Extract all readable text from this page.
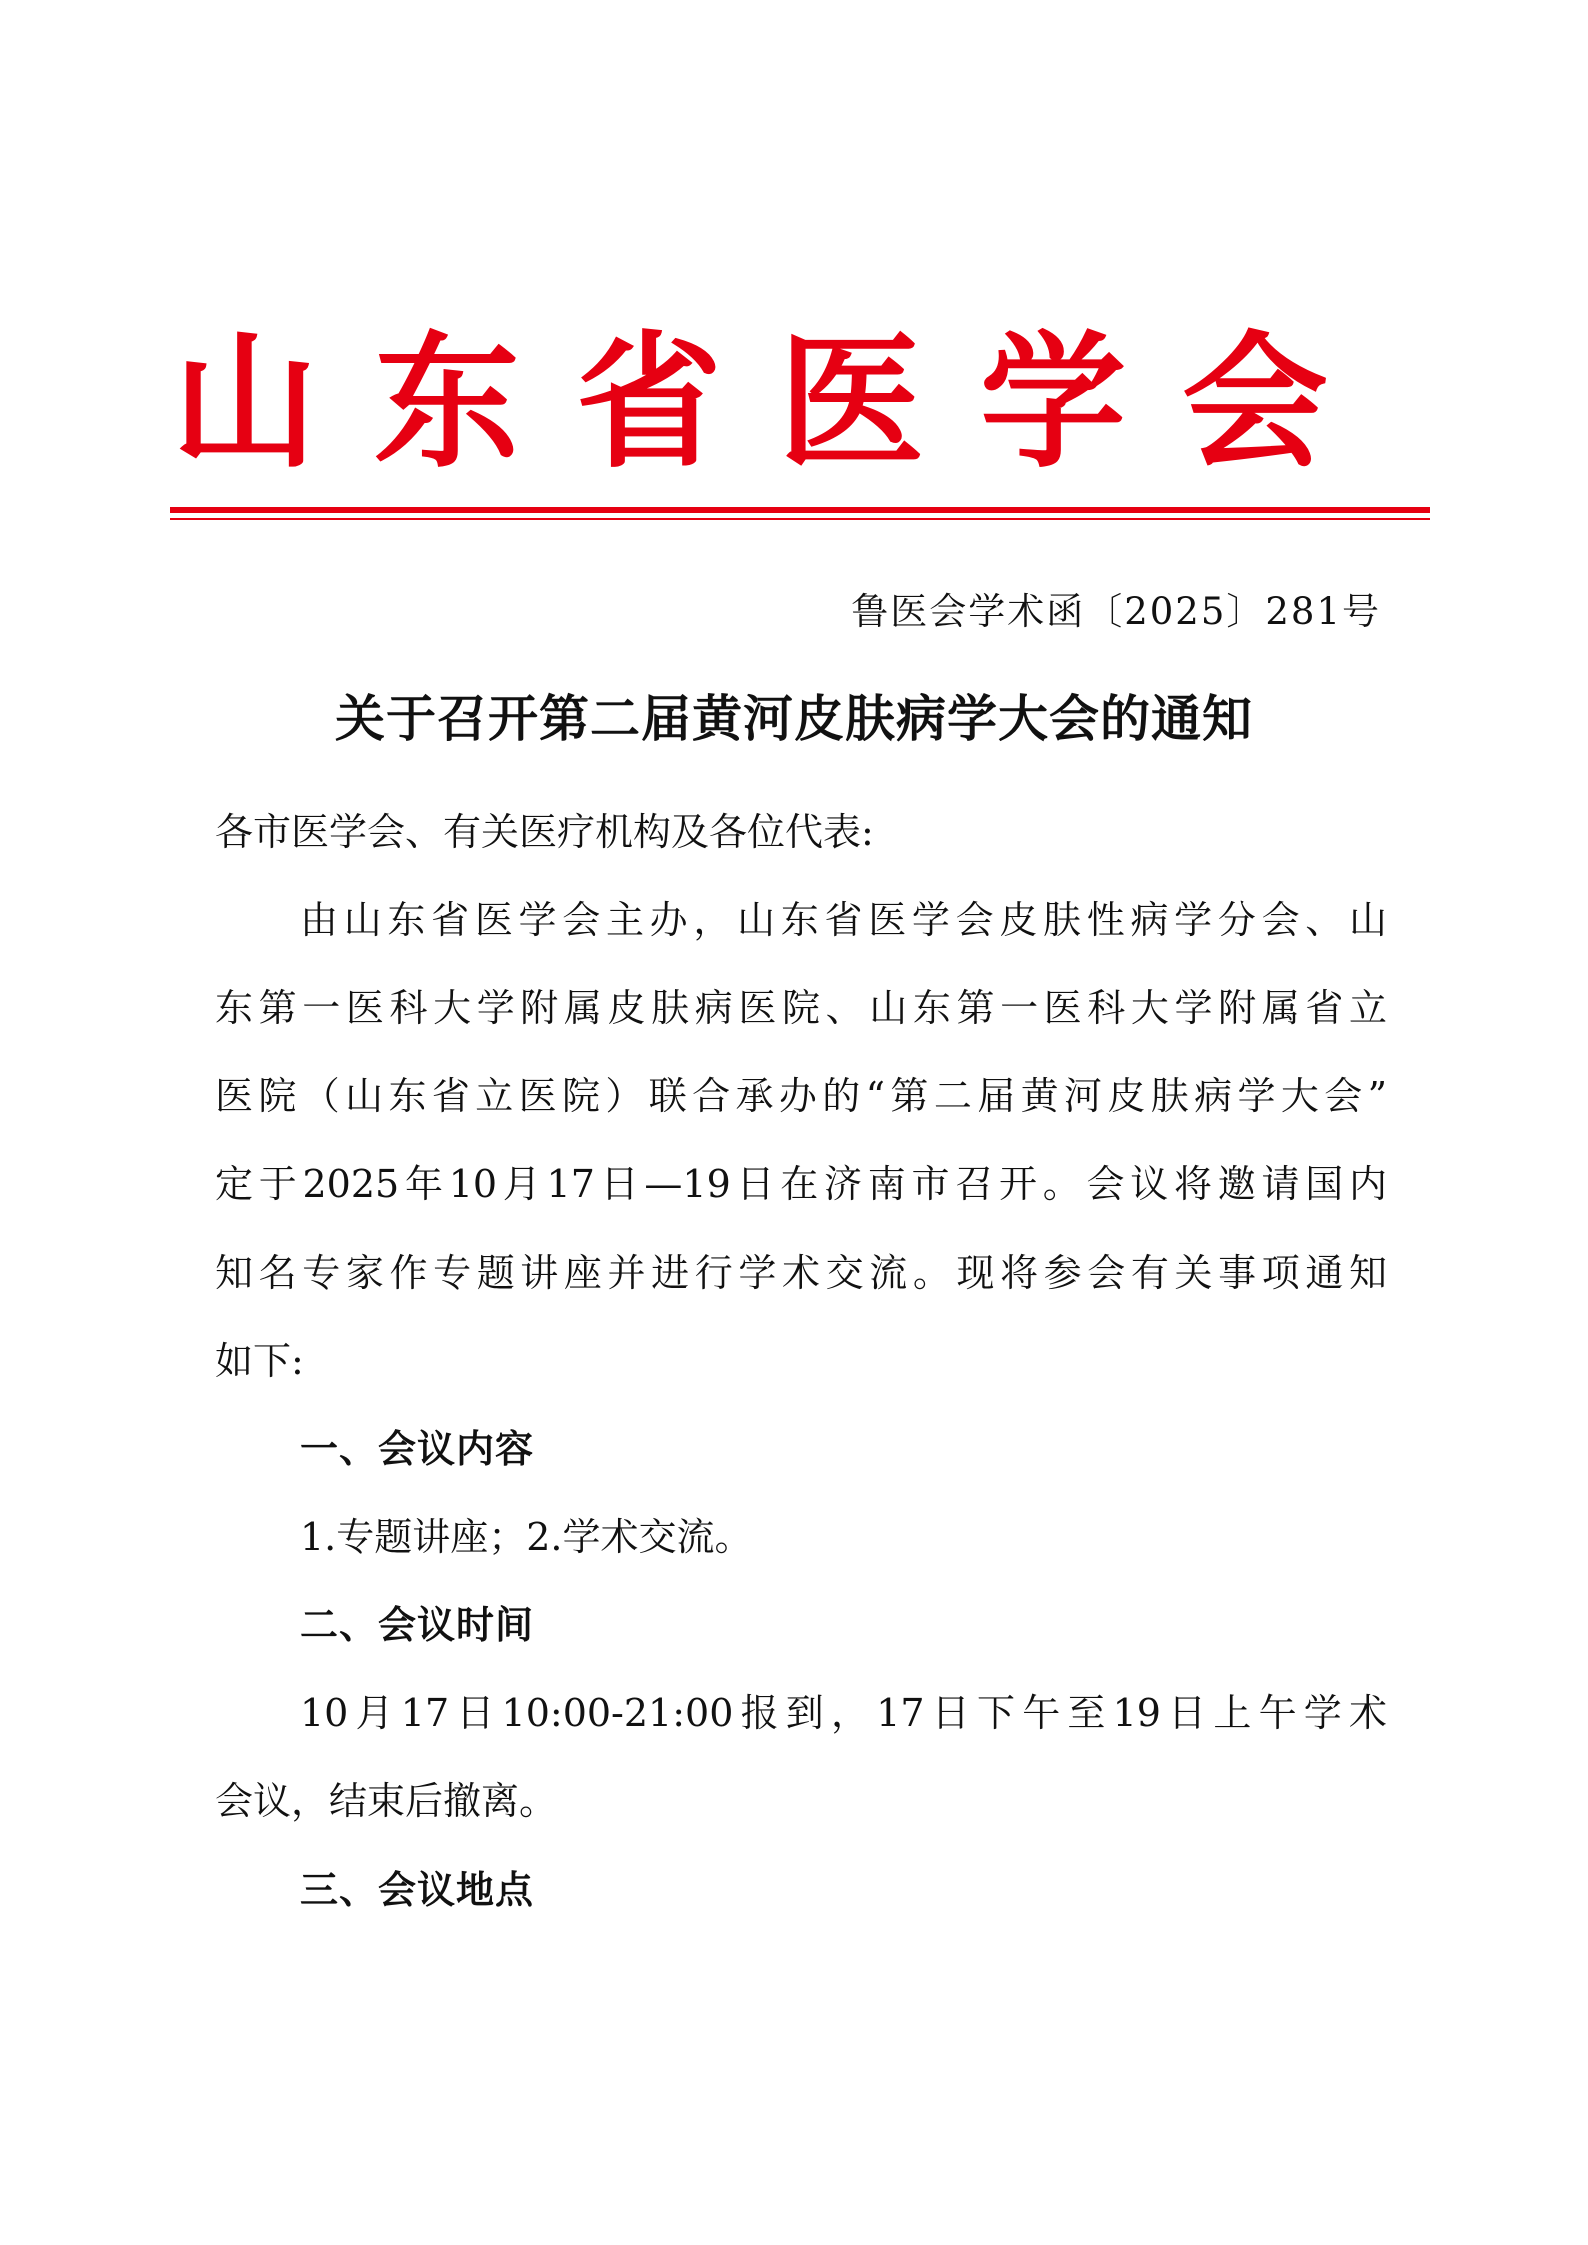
山 东 省 医 学 会
鲁医会学术函〔2025〕281号
关于召开第二届黄河皮肤病学大会的通知
各市医学会、有关医疗机构及各位代表:
由山东省医学会主办，山东省医学会皮肤性病学分会、山
东第一医科大学附属皮肤病医院、山东第一医科大学附属省立
医院（山东省立医院）联合承办的“第二届黄河皮肤病学大会”
定于2025年10月17日—19日在济南市召开。会议将邀请国内
知名专家作专题讲座并进行学术交流。现将参会有关事项通知
如下:
一、会议内容
1.专题讲座；2.学术交流。
二、会议时间
10月17日10:00-21:00报到，17日下午至19日上午学术
会议，结束后撤离。
三、会议地点
